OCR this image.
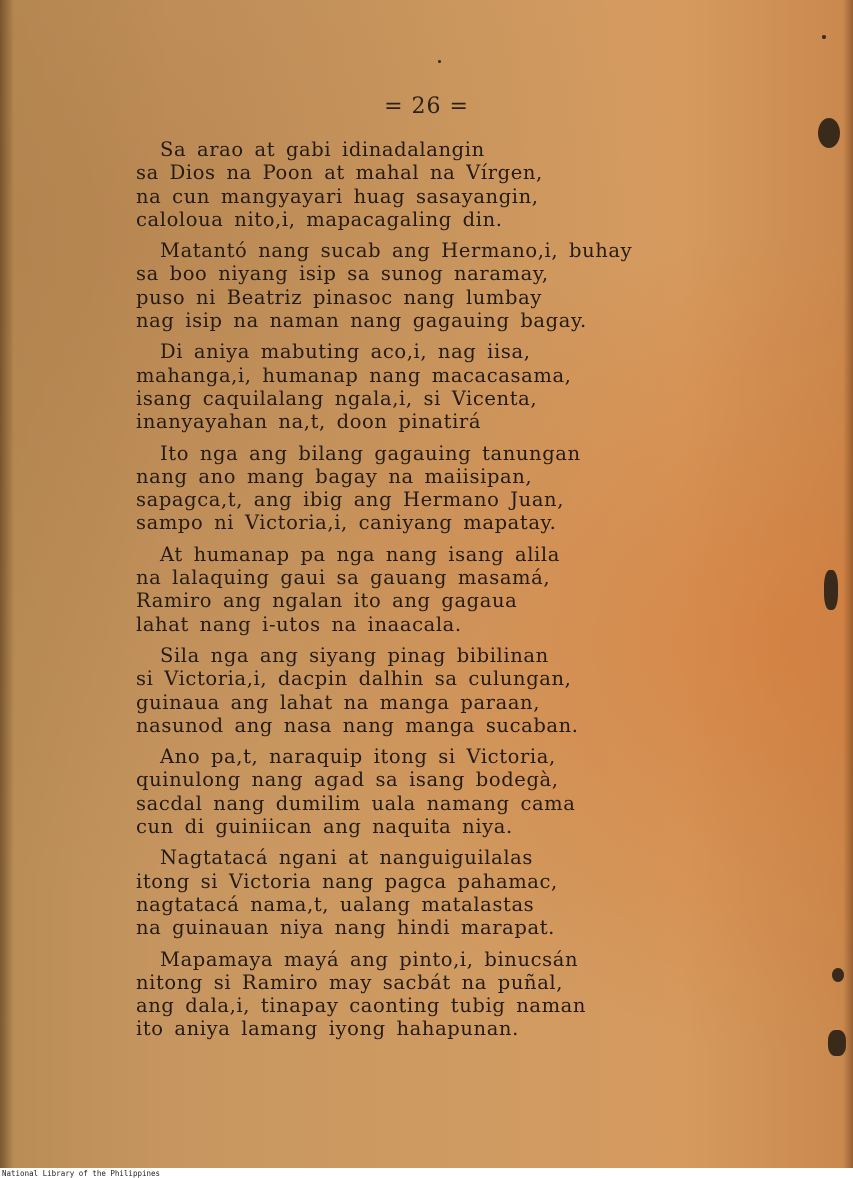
= 26 =
Sa arao at gabi idinadalangin
sa Dios na Poon at mahal na Vírgen,
na cun mangyayari huag sasayangin,
caloloua nito,i, mapacagaling din.
Matantó nang sucab ang Hermano,i, buhay
sa boo niyang isip sa sunog naramay,
puso ni Beatriz pinasoc nang lumbay
nag isip na naman nang gagauing bagay.
Di aniya mabuting aco,i, nag iisa,
mahanga,i, humanap nang macacasama,
isang caquilalang ngala,i, si Vicenta,
inanyayahan na,t, doon pinatirá
Ito nga ang bilang gagauing tanungan
nang ano mang bagay na maiisipan,
sapagca,t, ang ibig ang Hermano Juan,
sampo ni Victoria,i, caniyang mapatay.
At humanap pa nga nang isang alila
na lalaquing gaui sa gauang masamá,
Ramiro ang ngalan ito ang gagaua
lahat nang i-utos na inaacala.
Sila nga ang siyang pinag bibilinan
si Victoria,i, dacpin dalhin sa culungan,
guinaua ang lahat na manga paraan,
nasunod ang nasa nang manga sucaban.
Ano pa,t, naraquip itong si Victoria,
quinulong nang agad sa isang bodegà,
sacdal nang dumilim uala namang cama
cun di guiniican ang naquita niya.
Nagtatacá ngani at nanguiguilalas
itong si Victoria nang pagca pahamac,
nagtatacá nama,t, ualang matalastas
na guinauan niya nang hindi marapat.
Mapamaya mayá ang pinto,i, binucsán
nitong si Ramiro may sacbát na puñal,
ang dala,i, tinapay caonting tubig naman
ito aniya lamang iyong hahapunan.
National Library of the Philippines
